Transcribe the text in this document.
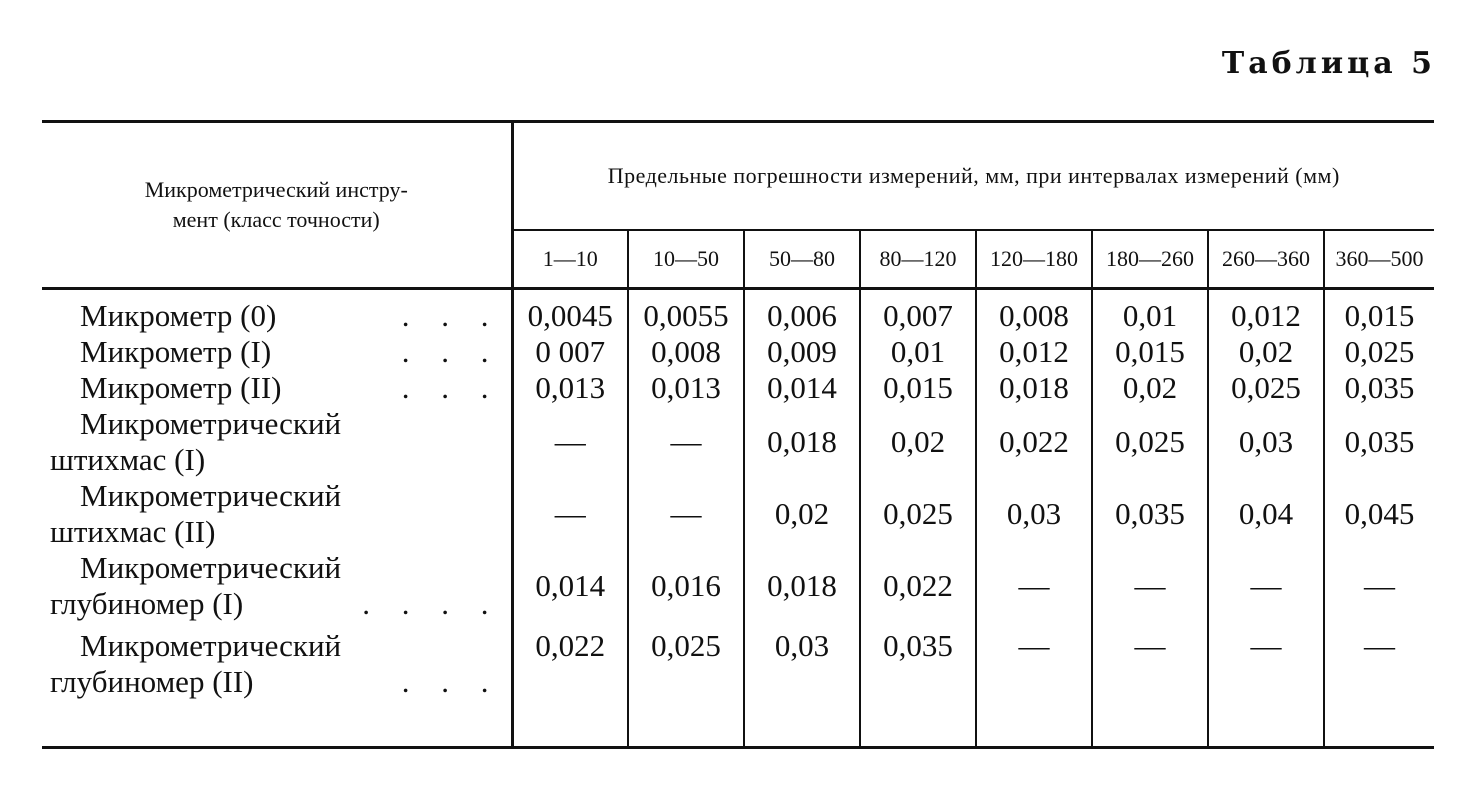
Таблица 5

Микрометрический инстру-
мент (класс точности)	Предельные погрешности измерений, мм, при интервалах измерений (мм)							
	1—10	10—50	50—80	80—120	120—180	180—260	260—360	360—500

Микрометр (0) . . .	0,0045	0,0055	0,006	0,007	0,008	0,01	0,012	0,015

Микрометр (I) . . .	0 007	0,008	0,009	0,01	0,012	0,015	0,02	0,025

Микрометр (II) . . .	0,013	0,013	0,014	0,015	0,018	0,02	0,025	0,035

Микрометрический
штихмас (I)	—	—	0,018	0,02	0,022	0,025	0,03	0,035

Микрометрический
штихмас (II)	—	—	0,02	0,025	0,03	0,035	0,04	0,045

Микрометрический
глубиномер (I) . . . .	0,014	0,016	0,018	0,022	—	—	—	—

Микрометрический
глубиномер (II) . . .	0,022	0,025	0,03	0,035	—	—	—	—
